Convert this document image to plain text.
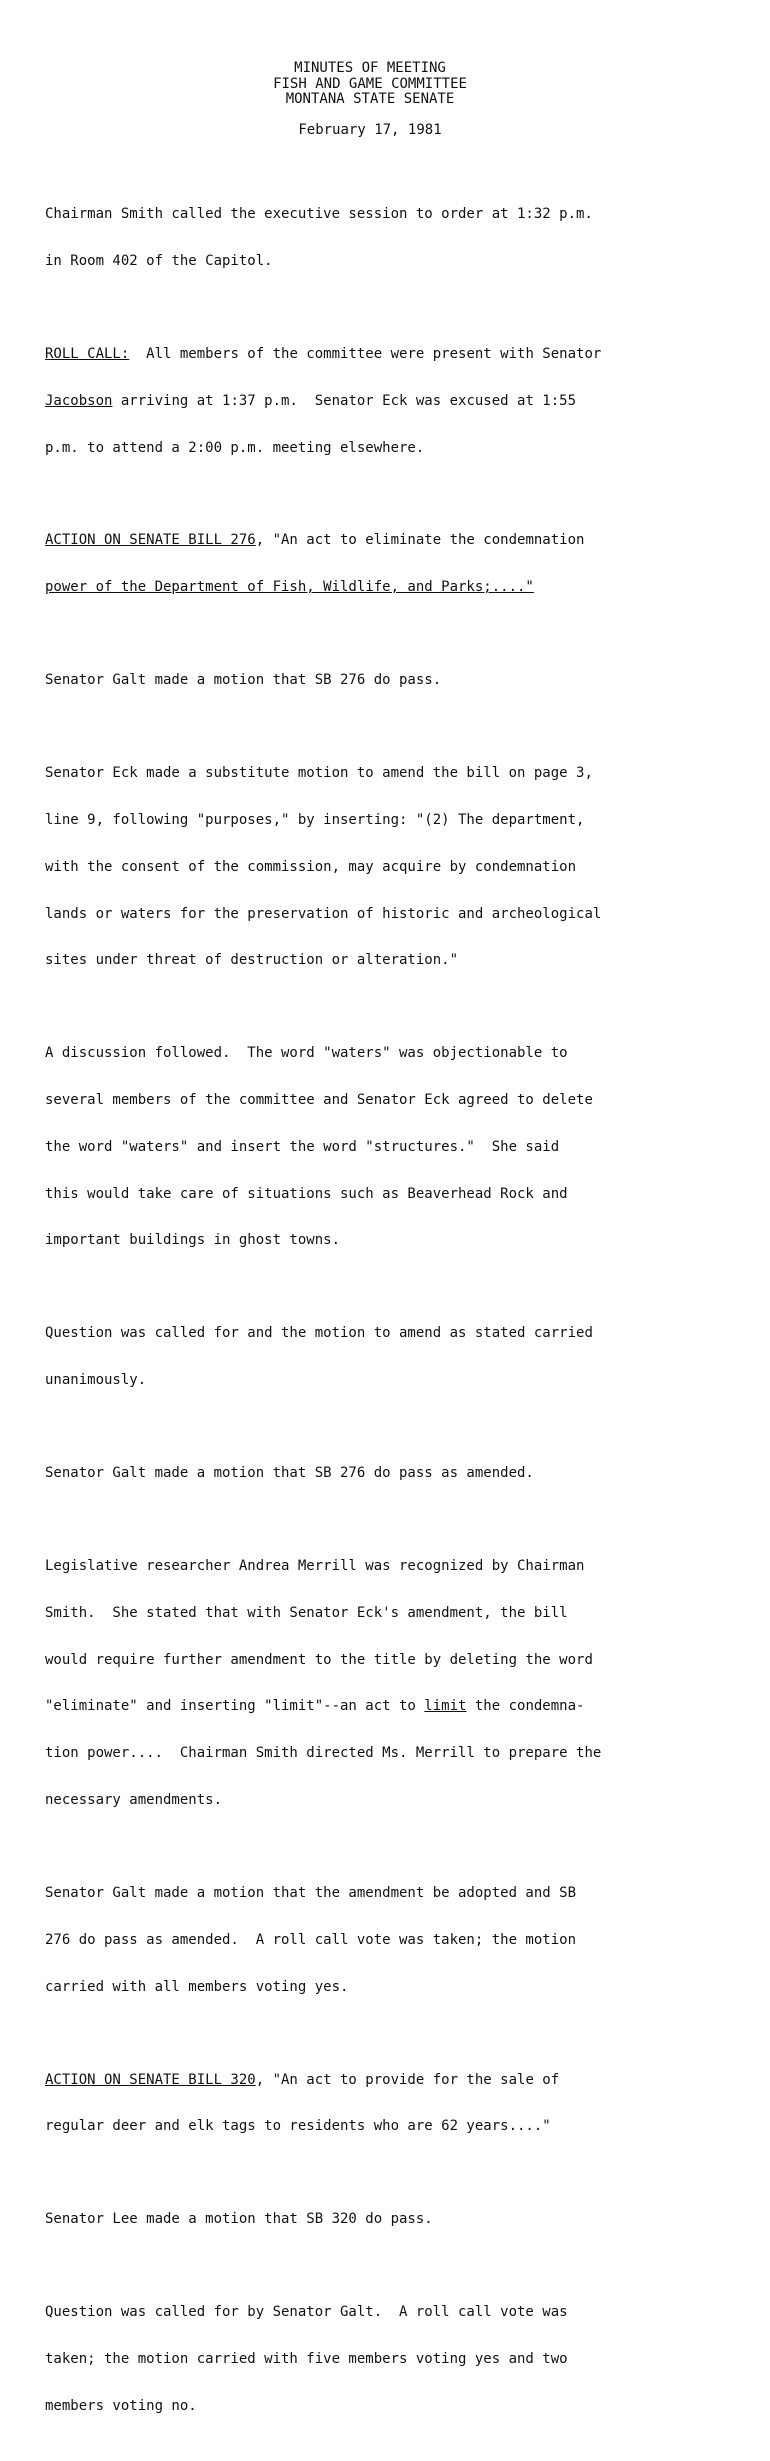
MINUTES OF MEETING
FISH AND GAME COMMITTEE
MONTANA STATE SENATE
February 17, 1981

Chairman Smith called the executive session to order at 1:32 p.m.

in Room 402 of the Capitol.

ROLL CALL:  All members of the committee were present with Senator

Jacobson arriving at 1:37 p.m.  Senator Eck was excused at 1:55

p.m. to attend a 2:00 p.m. meeting elsewhere.

ACTION ON SENATE BILL 276, "An act to eliminate the condemnation

power of the Department of Fish, Wildlife, and Parks;...."

Senator Galt made a motion that SB 276 do pass.

Senator Eck made a substitute motion to amend the bill on page 3,

line 9, following "purposes," by inserting: "(2) The department,

with the consent of the commission, may acquire by condemnation

lands or waters for the preservation of historic and archeological

sites under threat of destruction or alteration."

A discussion followed.  The word "waters" was objectionable to

several members of the committee and Senator Eck agreed to delete

the word "waters" and insert the word "structures."  She said

this would take care of situations such as Beaverhead Rock and

important buildings in ghost towns.

Question was called for and the motion to amend as stated carried

unanimously.

Senator Galt made a motion that SB 276 do pass as amended.

Legislative researcher Andrea Merrill was recognized by Chairman

Smith.  She stated that with Senator Eck's amendment, the bill

would require further amendment to the title by deleting the word

"eliminate" and inserting "limit"--an act to limit the condemna-

tion power....  Chairman Smith directed Ms. Merrill to prepare the

necessary amendments.

Senator Galt made a motion that the amendment be adopted and SB

276 do pass as amended.  A roll call vote was taken; the motion

carried with all members voting yes.

ACTION ON SENATE BILL 320, "An act to provide for the sale of

regular deer and elk tags to residents who are 62 years...."

Senator Lee made a motion that SB 320 do pass.

Question was called for by Senator Galt.  A roll call vote was

taken; the motion carried with five members voting yes and two

members voting no.
